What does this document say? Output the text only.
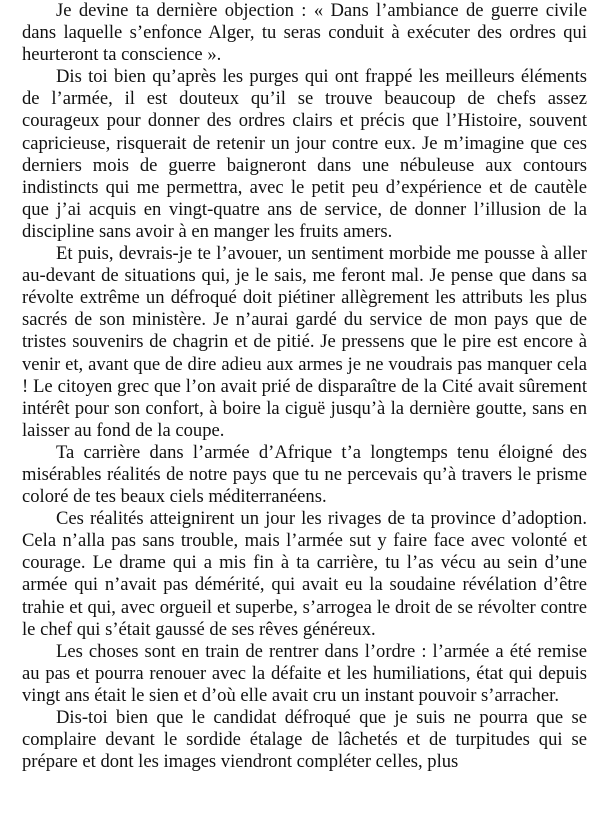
Je devine ta dernière objection : « Dans l’ambiance de guerre civile dans laquelle s’enfonce Alger, tu seras conduit à exécuter des ordres qui heurteront ta conscience ».

Dis toi bien qu’après les purges qui ont frappé les meilleurs éléments de l’armée, il est douteux qu’il se trouve beaucoup de chefs assez courageux pour donner des ordres clairs et précis que l’Histoire, souvent capricieuse, risquerait de retenir un jour contre eux. Je m’imagine que ces derniers mois de guerre baigneront dans une nébuleuse aux contours indistincts qui me permettra, avec le petit peu d’expérience et de cautèle que j’ai acquis en vingt-quatre ans de service, de donner l’illusion de la discipline sans avoir à en manger les fruits amers.

Et puis, devrais-je te l’avouer, un sentiment morbide me pousse à aller au-devant de situations qui, je le sais, me feront mal. Je pense que dans sa révolte extrême un défroqué doit piétiner allègrement les attributs les plus sacrés de son ministère. Je n’aurai gardé du service de mon pays que de tristes souvenirs de chagrin et de pitié. Je pressens que le pire est encore à venir et, avant que de dire adieu aux armes je ne voudrais pas manquer cela ! Le citoyen grec que l’on avait prié de disparaître de la Cité avait sûrement intérêt pour son confort, à boire la ciguë jusqu’à la dernière goutte, sans en laisser au fond de la coupe.

Ta carrière dans l’armée d’Afrique t’a longtemps tenu éloigné des misérables réalités de notre pays que tu ne percevais qu’à travers le prisme coloré de tes beaux ciels méditerranéens.

Ces réalités atteignirent un jour les rivages de ta province d’adoption. Cela n’alla pas sans trouble, mais l’armée sut y faire face avec volonté et courage. Le drame qui a mis fin à ta carrière, tu l’as vécu au sein d’une armée qui n’avait pas démérité, qui avait eu la soudaine révélation d’être trahie et qui, avec orgueil et superbe, s’arrogea le droit de se révolter contre le chef qui s’était gaussé de ses rêves généreux.

Les choses sont en train de rentrer dans l’ordre : l’armée a été remise au pas et pourra renouer avec la défaite et les humiliations, état qui depuis vingt ans était le sien et d’où elle avait cru un instant pouvoir s’arracher.

Dis-toi bien que le candidat défroqué que je suis ne pourra que se complaire devant le sordide étalage de lâchetés et de turpitudes qui se prépare et dont les images viendront compléter celles, plus
